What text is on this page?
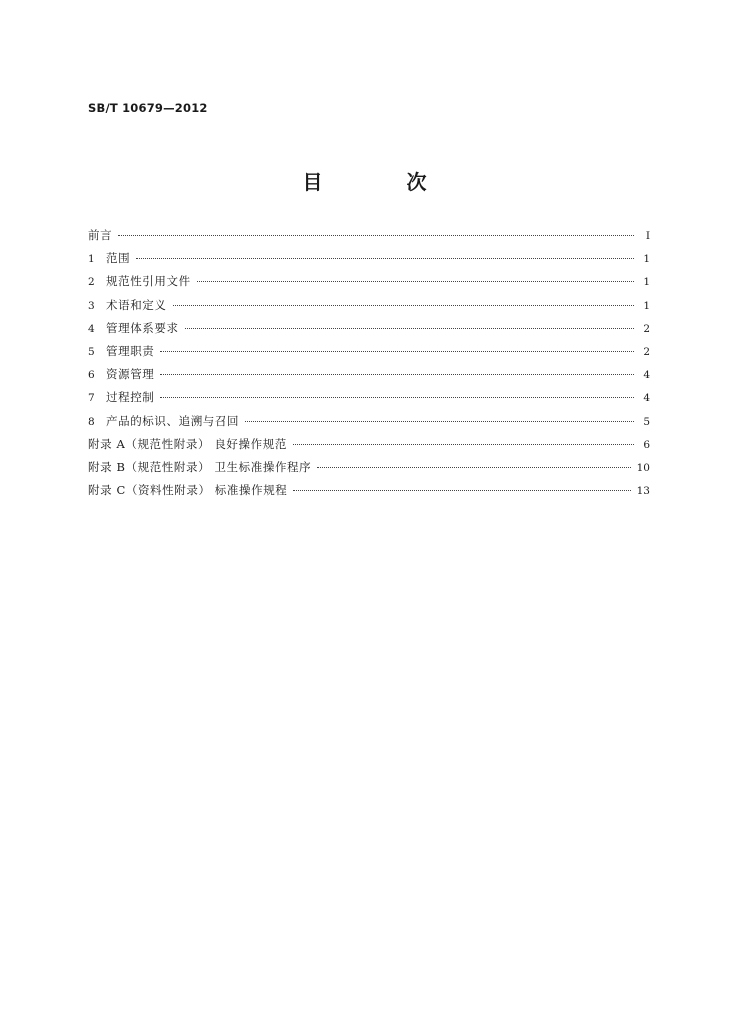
SB/T 10679—2012
目　次
前言	I
1 范围	1
2 规范性引用文件	1
3 术语和定义	1
4 管理体系要求	2
5 管理职责	2
6 资源管理	4
7 过程控制	4
8 产品的标识、追溯与召回	5
附录 A（规范性附录） 良好操作规范	6
附录 B（规范性附录） 卫生标准操作程序	10
附录 C（资料性附录） 标准操作规程	13
